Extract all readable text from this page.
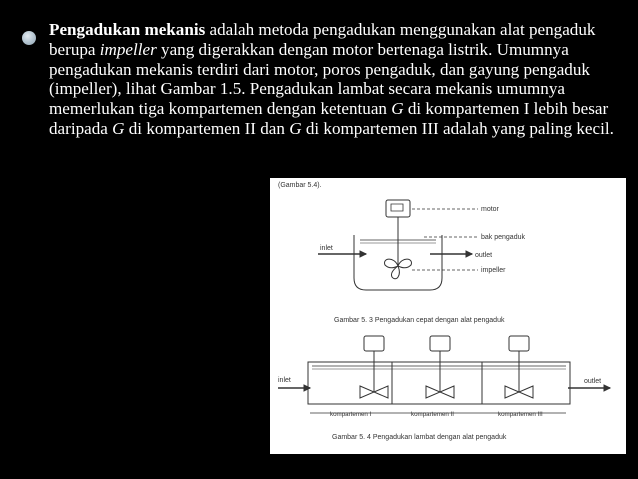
Pengadukan mekanis adalah metoda pengadukan menggunakan alat pengaduk berupa impeller yang digerakkan dengan motor bertenaga listrik. Umumnya pengadukan mekanis terdiri dari motor, poros pengaduk, dan gayung pengaduk (impeller), lihat Gambar 1.5. Pengadukan lambat secara mekanis umumnya memerlukan tiga kompartemen dengan ketentuan G di kompartemen I lebih besar daripada G di kompartemen II dan G di kompartemen III adalah yang paling kecil.
(Gambar 5.4).
motor
bak pengaduk
inlet
outlet
impeller
Gambar 5. 3 Pengadukan cepat dengan alat pengaduk
inlet	outlet
kompartemen I	kompartemen II	kompartemen III
Gambar 5. 4 Pengadukan lambat dengan alat pengaduk
